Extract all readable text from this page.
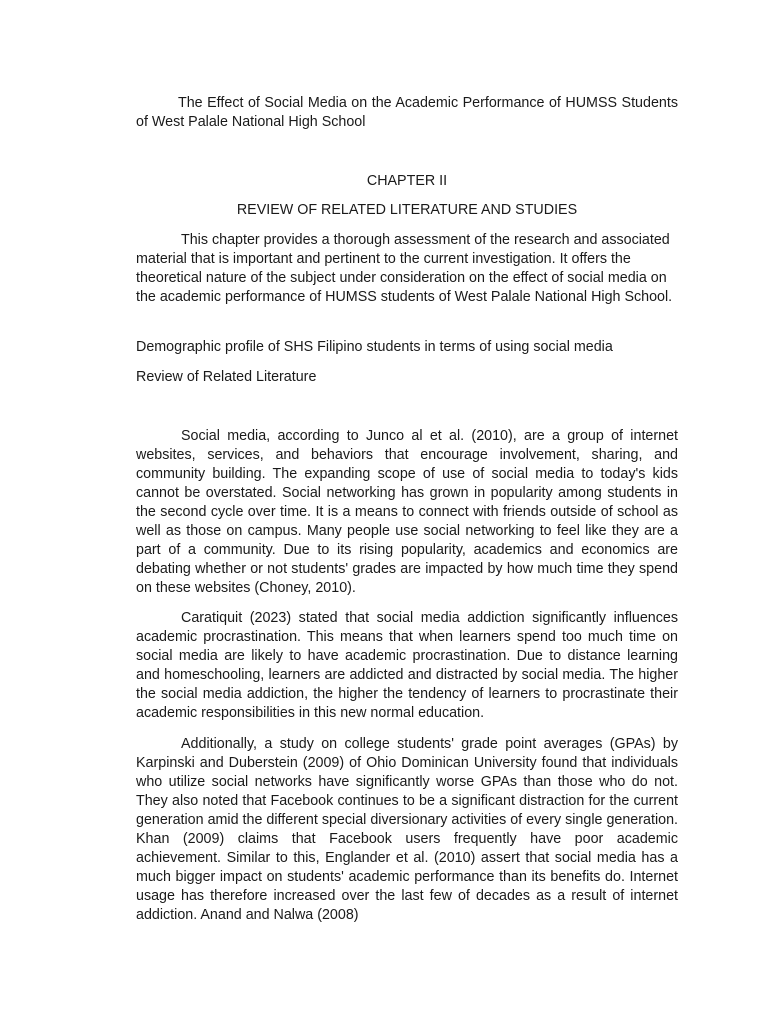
The Effect of Social Media on the Academic Performance of HUMSS Students of West Palale National High School

CHAPTER II

REVIEW OF RELATED LITERATURE AND STUDIES

This chapter provides a thorough assessment of the research and associated material that is important and pertinent to the current investigation. It offers the theoretical nature of the subject under consideration on the effect of social media on the academic performance of HUMSS students of West Palale National High School.

Demographic profile of SHS Filipino students in terms of using social media

Review of Related Literature

Social media, according to Junco al et al. (2010), are a group of internet websites, services, and behaviors that encourage involvement, sharing, and community building. The expanding scope of use of social media to today's kids cannot be overstated. Social networking has grown in popularity among students in the second cycle over time. It is a means to connect with friends outside of school as well as those on campus. Many people use social networking to feel like they are a part of a community. Due to its rising popularity, academics and economics are debating whether or not students' grades are impacted by how much time they spend on these websites (Choney, 2010).

Caratiquit (2023) stated that social media addiction significantly influences academic procrastination. This means that when learners spend too much time on social media are likely to have academic procrastination. Due to distance learning and homeschooling, learners are addicted and distracted by social media. The higher the social media addiction, the higher the tendency of learners to procrastinate their academic responsibilities in this new normal education.

Additionally, a study on college students' grade point averages (GPAs) by Karpinski and Duberstein (2009) of Ohio Dominican University found that individuals who utilize social networks have significantly worse GPAs than those who do not. They also noted that Facebook continues to be a significant distraction for the current generation amid the different special diversionary activities of every single generation. Khan (2009) claims that Facebook users frequently have poor academic achievement. Similar to this, Englander et al. (2010) assert that social media has a much bigger impact on students' academic performance than its benefits do. Internet usage has therefore increased over the last few of decades as a result of internet addiction. Anand and Nalwa (2008)
